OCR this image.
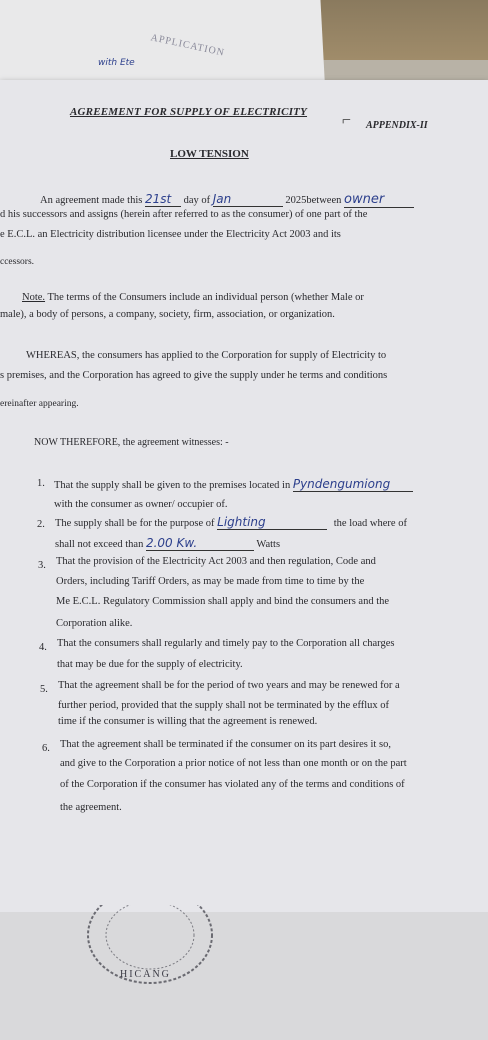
APPLICATION
with Ete
AGREEMENT FOR SUPPLY OF ELECTRICITY ⌐ APPENDIX-II
LOW TENSION
An agreement made this 21st day of Jan	2025between owner
d his successors and assigns (herein after referred to as the consumer) of one part of the
e E.C.L. an Electricity distribution licensee under the Electricity Act 2003 and its
ccessors.
Note. The terms of the Consumers include an individual person (whether Male or
male), a body of persons, a company, society, firm, association, or organization.
WHEREAS, the consumers has applied to the Corporation for supply of Electricity to
s premises, and the Corporation has agreed to give the supply under he terms and conditions
ereinafter appearing.
NOW THEREFORE, the agreement witnesses: -
1. That the supply shall be given to the premises located in Pyndengumiong
with the consumer as owner/ occupier of.
2. The supply shall be for the purpose of Lighting	the load where of
shall not exceed than 2.00 Kw.	Watts
3. That the provision of the Electricity Act 2003 and then regulation, Code and
Orders, including Tariff Orders, as may be made from time to time by the
Me E.C.L. Regulatory Commission shall apply and bind the consumers and the
Corporation alike.
4. That the consumers shall regularly and timely pay to the Corporation all charges
that may be due for the supply of electricity.
5. That the agreement shall be for the period of two years and may be renewed for a
further period, provided that the supply shall not be terminated by the efflux of
time if the consumer is willing that the agreement is renewed.
6. That the agreement shall be terminated if the consumer on its part desires it so,
and give to the Corporation a prior notice of not less than one month or on the part
of the Corporation if the consumer has violated any of the terms and conditions of
the agreement.
HICANG
